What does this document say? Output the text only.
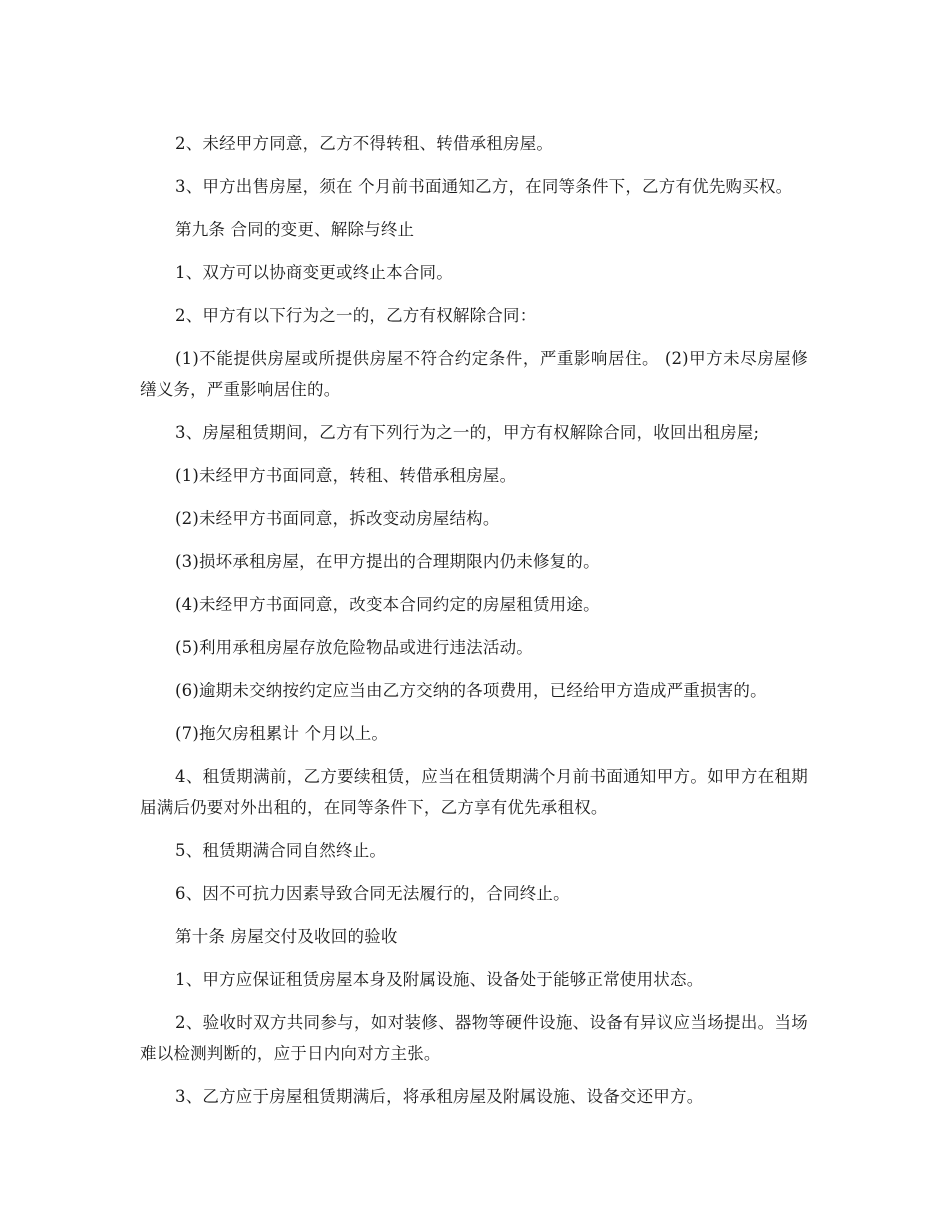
2、未经甲方同意，乙方不得转租、转借承租房屋。

3、甲方出售房屋，须在 个月前书面通知乙方，在同等条件下，乙方有优先购买权。

第九条 合同的变更、解除与终止

1、双方可以协商变更或终止本合同。

2、甲方有以下行为之一的，乙方有权解除合同：

(1)不能提供房屋或所提供房屋不符合约定条件，严重影响居住。 (2)甲方未尽房屋修缮义务，严重影响居住的。

3、房屋租赁期间，乙方有下列行为之一的，甲方有权解除合同，收回出租房屋;

(1)未经甲方书面同意，转租、转借承租房屋。

(2)未经甲方书面同意，拆改变动房屋结构。

(3)损坏承租房屋，在甲方提出的合理期限内仍未修复的。

(4)未经甲方书面同意，改变本合同约定的房屋租赁用途。

(5)利用承租房屋存放危险物品或进行违法活动。

(6)逾期未交纳按约定应当由乙方交纳的各项费用，已经给甲方造成严重损害的。

(7)拖欠房租累计 个月以上。

4、租赁期满前，乙方要续租赁，应当在租赁期满个月前书面通知甲方。如甲方在租期届满后仍要对外出租的，在同等条件下，乙方享有优先承租权。

5、租赁期满合同自然终止。

6、因不可抗力因素导致合同无法履行的，合同终止。

第十条 房屋交付及收回的验收

1、甲方应保证租赁房屋本身及附属设施、设备处于能够正常使用状态。

2、验收时双方共同参与，如对装修、器物等硬件设施、设备有异议应当场提出。当场难以检测判断的，应于日内向对方主张。

3、乙方应于房屋租赁期满后，将承租房屋及附属设施、设备交还甲方。
